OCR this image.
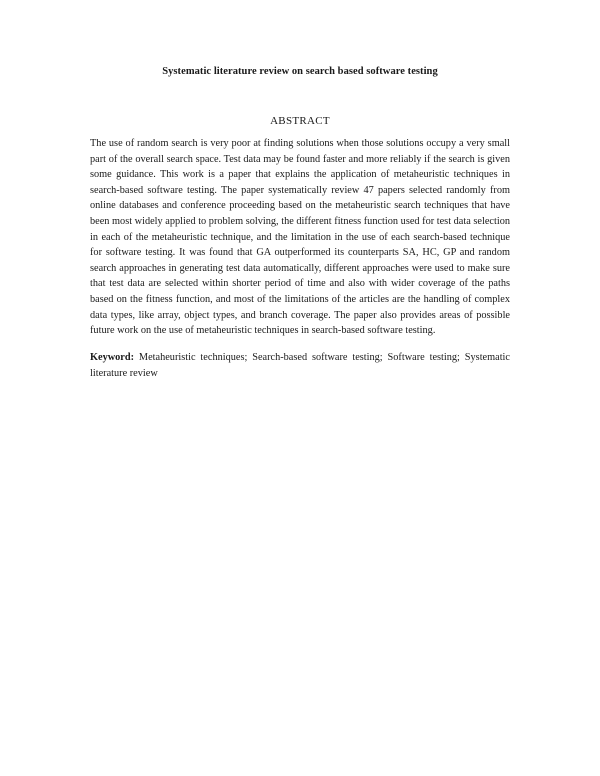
Systematic literature review on search based software testing
ABSTRACT

The use of random search is very poor at finding solutions when those solutions occupy a very small part of the overall search space. Test data may be found faster and more reliably if the search is given some guidance. This work is a paper that explains the application of metaheuristic techniques in search-based software testing. The paper systematically review 47 papers selected randomly from online databases and conference proceeding based on the metaheuristic search techniques that have been most widely applied to problem solving, the different fitness function used for test data selection in each of the metaheuristic technique, and the limitation in the use of each search-based technique for software testing. It was found that GA outperformed its counterparts SA, HC, GP and random search approaches in generating test data automatically, different approaches were used to make sure that test data are selected within shorter period of time and also with wider coverage of the paths based on the fitness function, and most of the limitations of the articles are the handling of complex data types, like array, object types, and branch coverage. The paper also provides areas of possible future work on the use of metaheuristic techniques in search-based software testing.

Keyword: Metaheuristic techniques; Search-based software testing; Software testing; Systematic literature review
